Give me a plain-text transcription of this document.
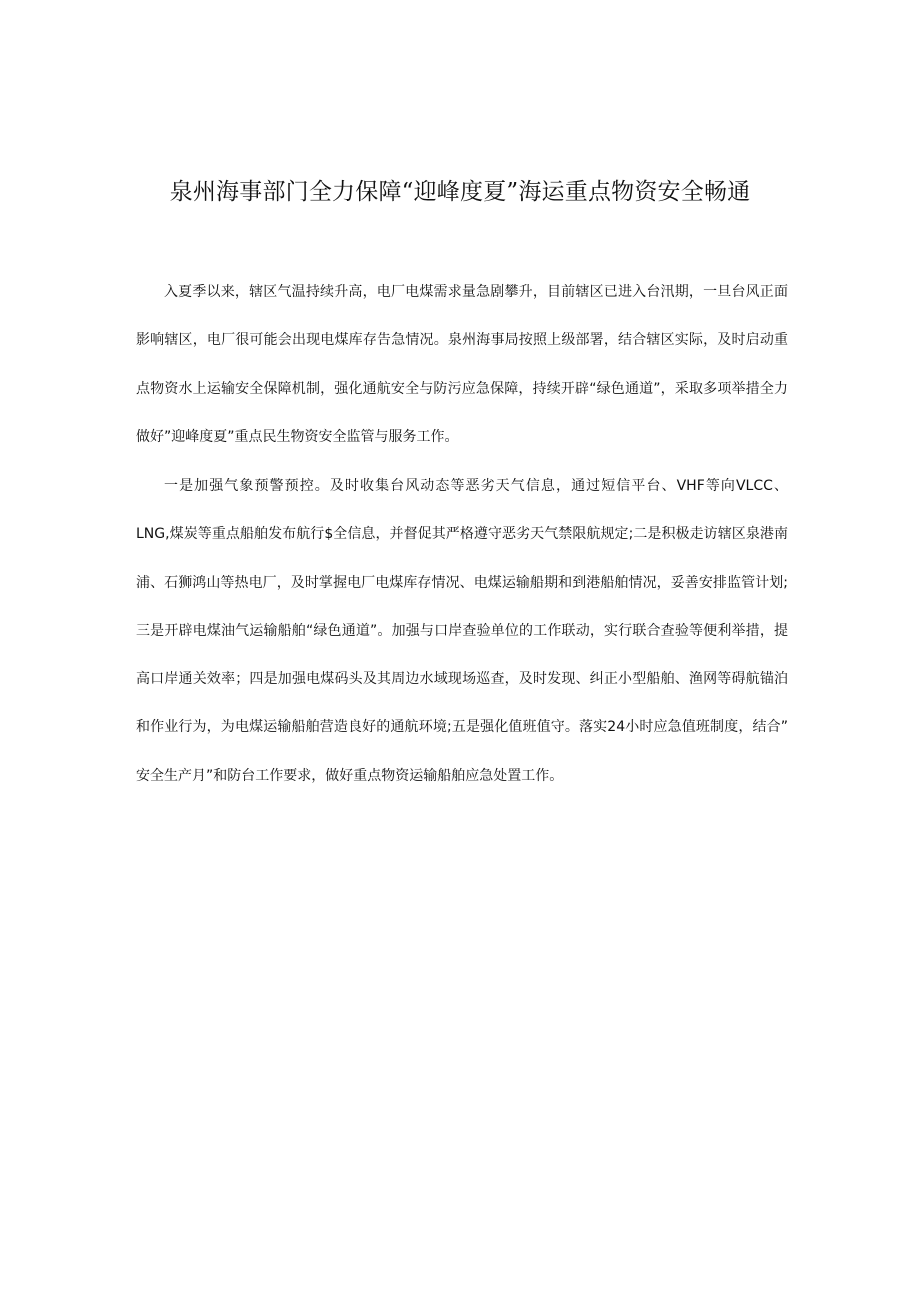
泉州海事部门全力保障“迎峰度夏”海运重点物资安全畅通
入夏季以来，辖区气温持续升高，电厂电煤需求量急剧攀升，目前辖区已进入台汛期，一旦台风正面
影响辖区，电厂很可能会出现电煤库存告急情况。泉州海事局按照上级部署，结合辖区实际，及时启动重
点物资水上运输安全保障机制，强化通航安全与防污应急保障，持续开辟“绿色通道”，采取多项举措全力
做好”迎峰度夏”重点民生物资安全监管与服务工作。
一是加强气象预警预控。及时收集台风动态等恶劣天气信息，通过短信平台、VHF等向VLCC、
LNG,煤炭等重点船舶发布航行$全信息，并督促其严格遵守恶劣天气禁限航规定;二是积极走访辖区泉港南
浦、石狮鸿山等热电厂，及时掌握电厂电煤库存情况、电煤运输船期和到港船舶情况，妥善安排监管计划;
三是开辟电煤油气运输船舶“绿色通道”。加强与口岸查验单位的工作联动，实行联合查验等便利举措，提
高口岸通关效率；四是加强电煤码头及其周边水域现场巡查，及时发现、纠正小型船舶、渔网等碍航锚泊
和作业行为，为电煤运输船舶营造良好的通航环境;五是强化值班值守。落实24小时应急值班制度，结合”
安全生产月”和防台工作要求，做好重点物资运输船舶应急处置工作。
